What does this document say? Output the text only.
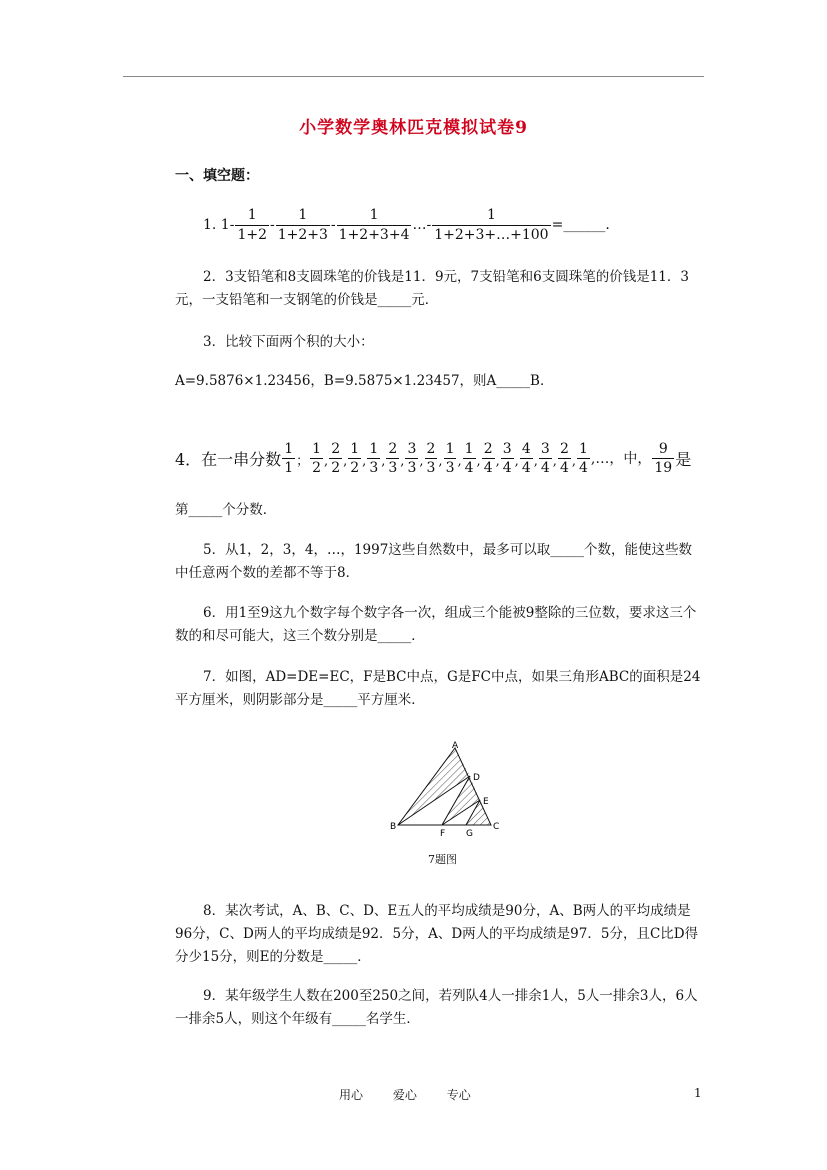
小学数学奥林匹克模拟试卷9
一、填空题：
1. $1- \frac{1}{1+2} - \frac{1}{1+2+3} - \frac{1}{1+2+3+4}$ … - $\frac{1}{1+2+3+\dots+100}$ =______.
2．3支铅笔和8支圆珠笔的价钱是11．9元，7支铅笔和6支圆珠笔的价钱是11．3元，一支铅笔和一支钢笔的价钱是_____元．
3．比较下面两个积的大小：
A=9.5876×1.23456，B=9.5875×1.23457，则A_____B．
4．在一串分数 $\frac{1}{1}$ ； $\frac{1}{2}$ , $\frac{2}{2}$ , $\frac{1}{2}$ , $\frac{1}{3}$ , $\frac{2}{3}$ , $\frac{3}{3}$ , $\frac{2}{3}$ , $\frac{1}{3}$ , $\frac{1}{4}$ , $\frac{2}{4}$ , $\frac{3}{4}$ , $\frac{4}{4}$ , $\frac{3}{4}$ , $\frac{2}{4}$ , $\frac{1}{4}$ ,…，中， $\frac{9}{19}$ 是
第_____个分数．
5．从1，2，3，4，…，1997这些自然数中，最多可以取_____个数，能使这些数中任意两个数的差都不等于8．
6．用1至9这九个数字每个数字各一次，组成三个能被9整除的三位数，要求这三个数的和尽可能大，这三个数分别是_____．
7．如图，AD=DE=EC，F是BC中点，G是FC中点，如果三角形ABC的面积是24平方厘米，则阴影部分是_____平方厘米．
A
B	C
D
E
F G
7题图
8．某次考试，A、B、C、D、E五人的平均成绩是90分，A、B两人的平均成绩是96分，C、D两人的平均成绩是92．5分，A、D两人的平均成绩是97．5分，且C比D得分少15分，则E的分数是_____．
9．某年级学生人数在200至250之间，若列队4人一排余1人，5人一排余3人，6人一排余5人，则这个年级有_____名学生．
用心 爱心 专心	1
